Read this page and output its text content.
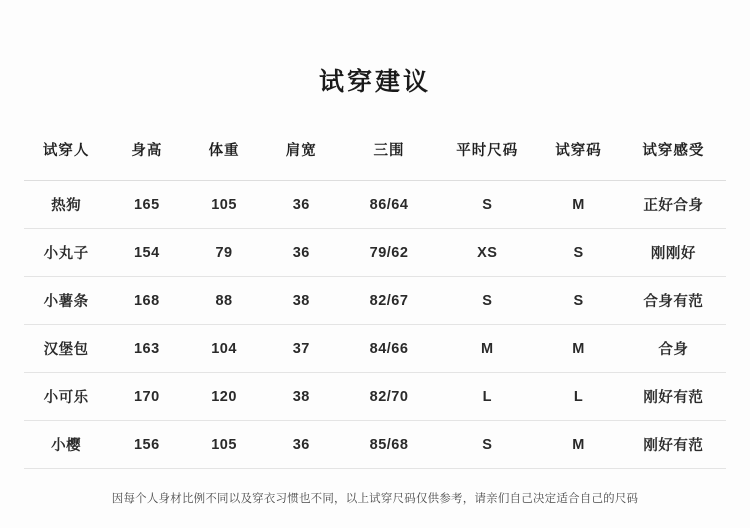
试穿建议
试穿人	身高	体重	肩宽	三围	平时尺码	试穿码	试穿感受
热狗	165	105	36	86/64	S	M	正好合身
小丸子	154	79	36	79/62	XS	S	刚刚好
小薯条	168	88	38	82/67	S	S	合身有范
汉堡包	163	104	37	84/66	M	M	合身
小可乐	170	120	38	82/70	L	L	刚好有范
小樱	156	105	36	85/68	S	M	刚好有范
因每个人身材比例不同以及穿衣习惯也不同，以上试穿尺码仅供参考，请亲们自己决定适合自己的尺码
